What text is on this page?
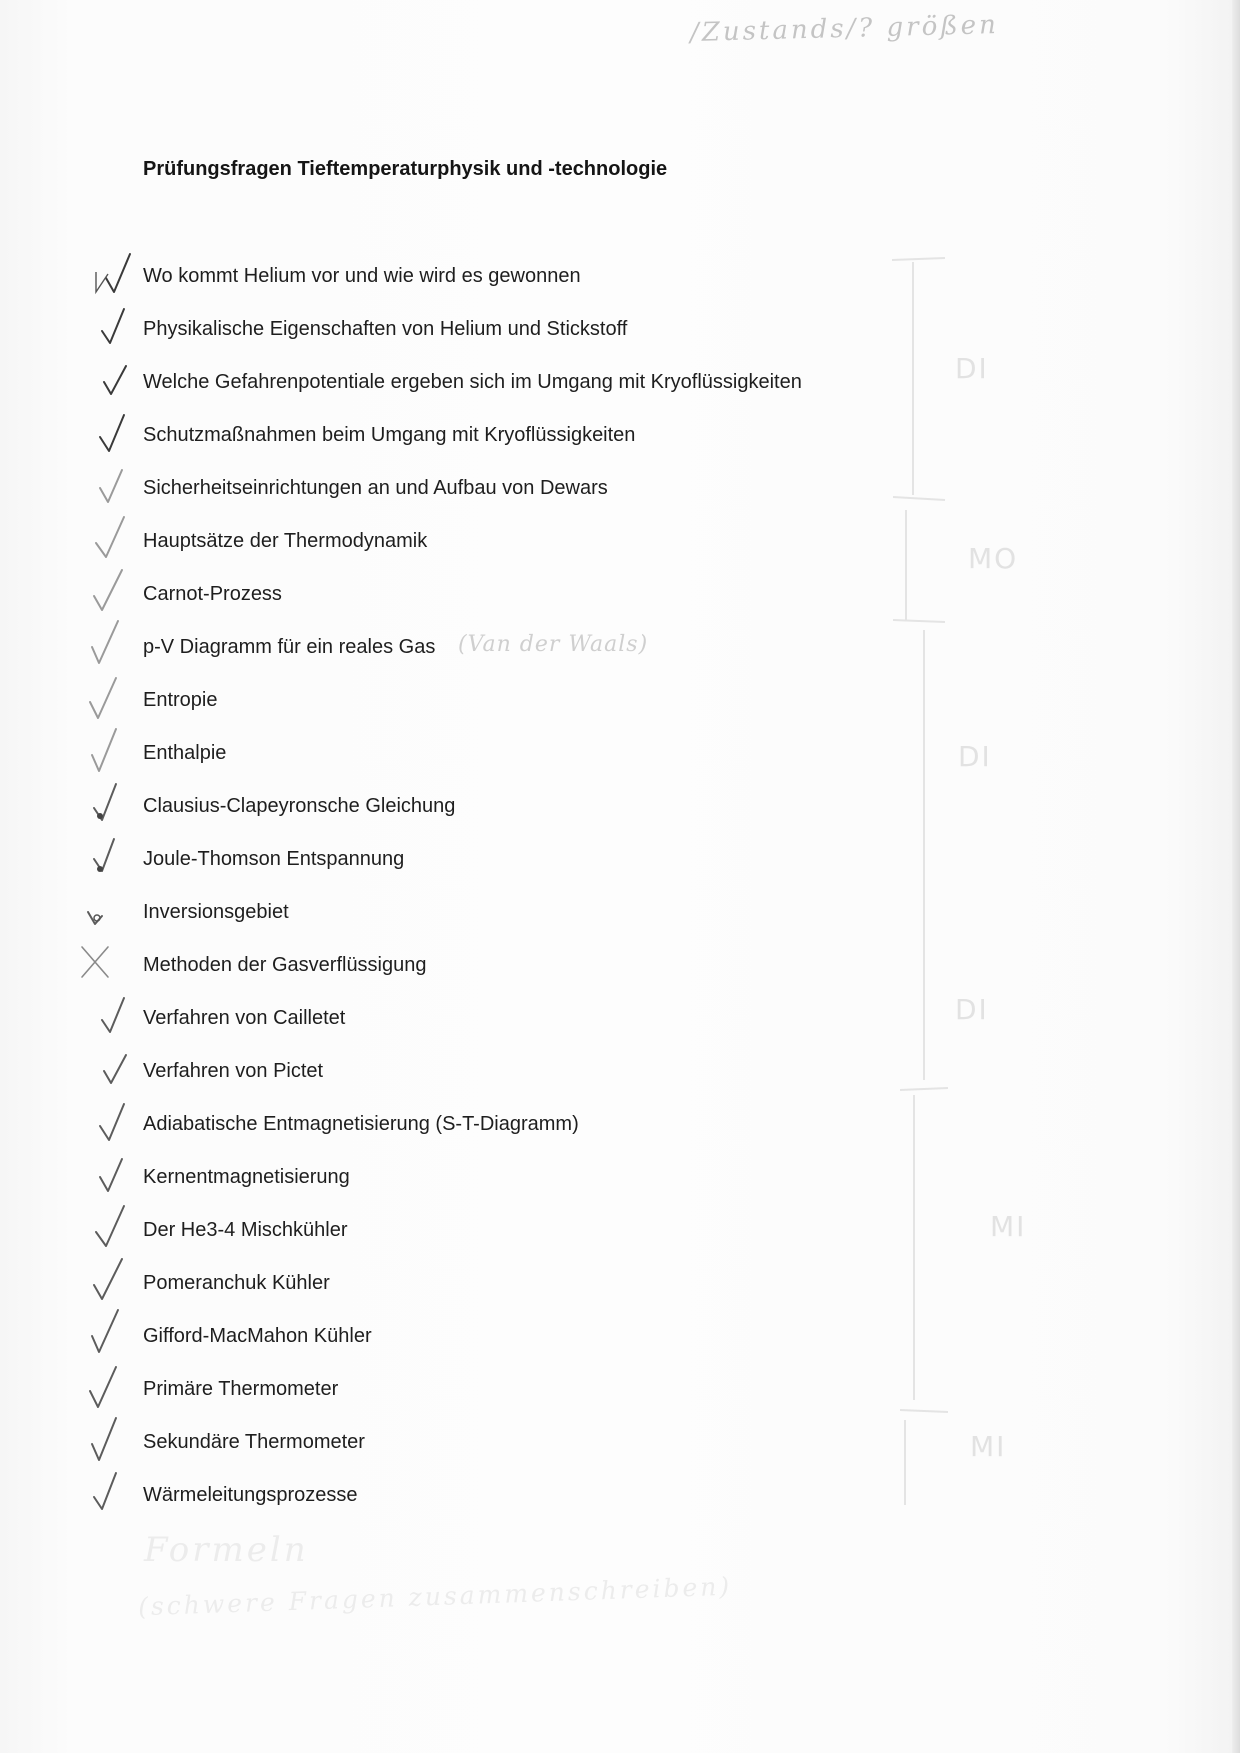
/Zustands/? größen
Prüfungsfragen Tieftemperaturphysik und -technologie
Wo kommt Helium vor und wie wird es gewonnen
Physikalische Eigenschaften von Helium und Stickstoff
Welche Gefahrenpotentiale ergeben sich im Umgang mit Kryoflüssigkeiten
Schutzmaßnahmen beim Umgang mit Kryoflüssigkeiten
Sicherheitseinrichtungen an und Aufbau von Dewars
Hauptsätze der Thermodynamik
Carnot-Prozess
p-V Diagramm für ein reales Gas
Entropie
Enthalpie
Clausius-Clapeyronsche Gleichung
Joule-Thomson Entspannung
Inversionsgebiet
Methoden der Gasverflüssigung
Verfahren von Cailletet
Verfahren von Pictet
Adiabatische Entmagnetisierung (S-T-Diagramm)
Kernentmagnetisierung
Der He3-4 Mischkühler
Pomeranchuk Kühler
Gifford-MacMahon Kühler
Primäre Thermometer
Sekundäre Thermometer
Wärmeleitungsprozesse
(Van der Waals)
DI
MO
DI
DI
MI
MI
Formeln
(schwere Fragen zusammenschreiben)
